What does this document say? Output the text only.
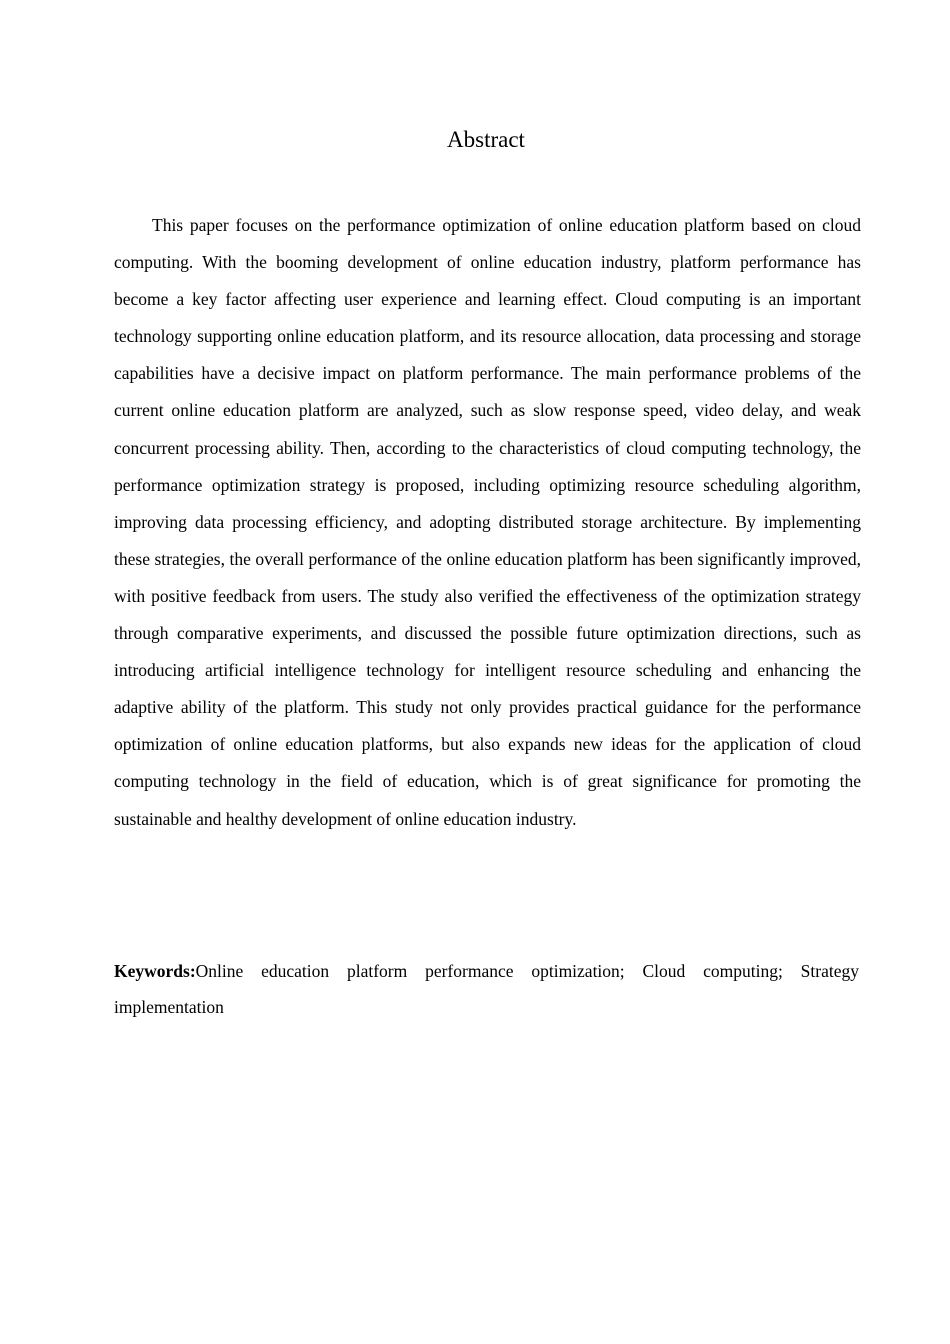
Abstract

This paper focuses on the performance optimization of online education platform based on cloud computing. With the booming development of online education industry, platform performance has become a key factor affecting user experience and learning effect. Cloud computing is an important technology supporting online education platform, and its resource allocation, data processing and storage capabilities have a decisive impact on platform performance. The main performance problems of the current online education platform are analyzed, such as slow response speed, video delay, and weak concurrent processing ability. Then, according to the characteristics of cloud computing technology, the performance optimization strategy is proposed, including optimizing resource scheduling algorithm, improving data processing efficiency, and adopting distributed storage architecture. By implementing these strategies, the overall performance of the online education platform has been significantly improved, with positive feedback from users. The study also verified the effectiveness of the optimization strategy through comparative experiments, and discussed the possible future optimization directions, such as introducing artificial intelligence technology for intelligent resource scheduling and enhancing the adaptive ability of the platform. This study not only provides practical guidance for the performance optimization of online education platforms, but also expands new ideas for the application of cloud computing technology in the field of education, which is of great significance for promoting the sustainable and healthy development of online education industry.

Keywords:Online education platform performance optimization; Cloud computing; Strategy implementation
